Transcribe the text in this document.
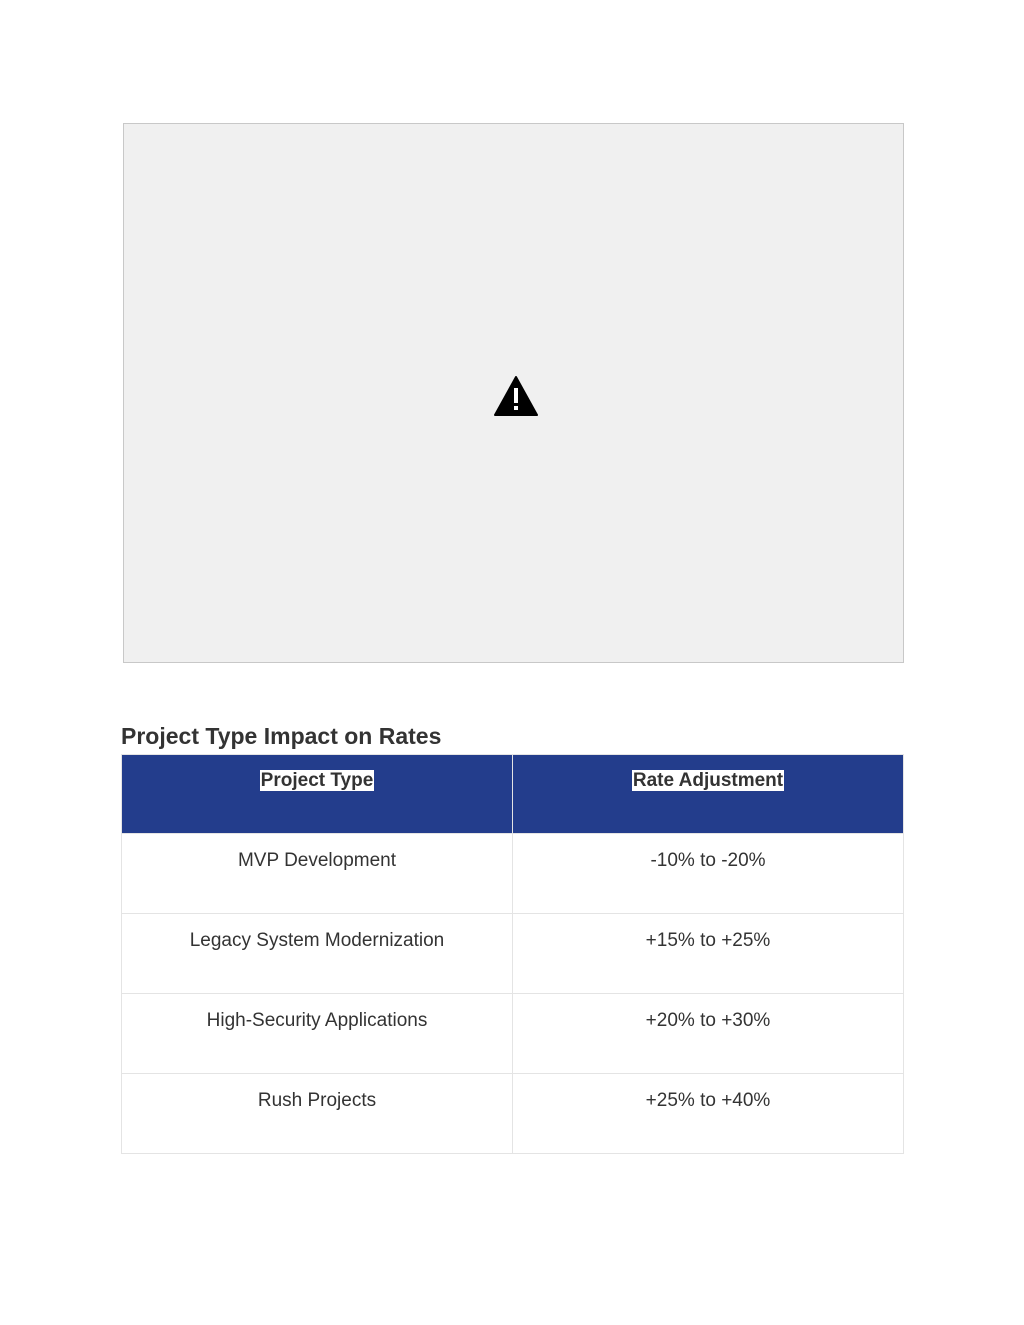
Project Type Impact on Rates
Project Type	Rate Adjustment
MVP Development	-10% to -20%
Legacy System Modernization	+15% to +25%
High-Security Applications	+20% to +30%
Rush Projects	+25% to +40%
